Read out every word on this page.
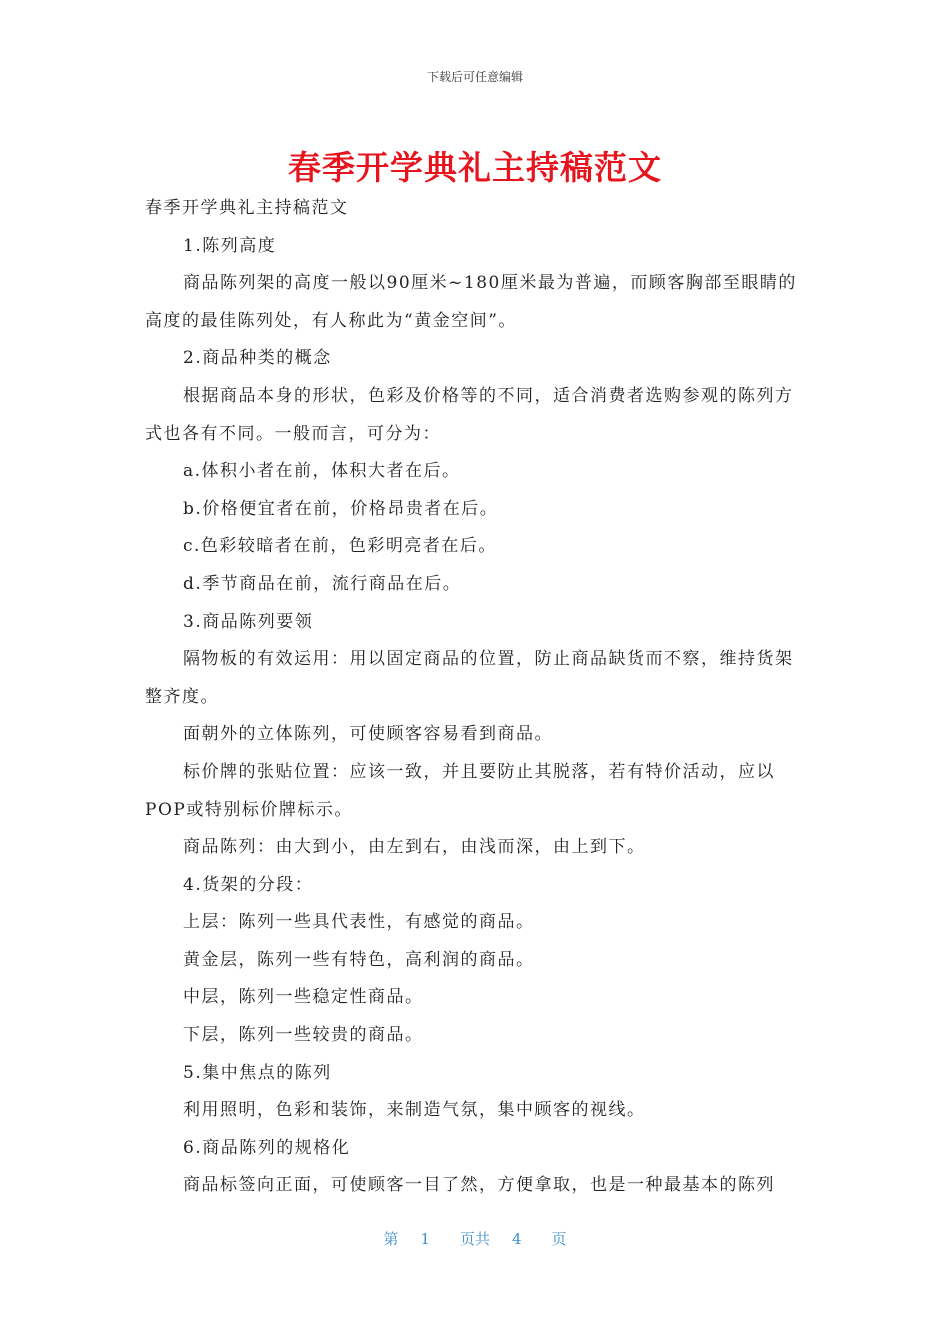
下载后可任意编辑
春季开学典礼主持稿范文

春季开学典礼主持稿范文

1.陈列高度

商品陈列架的高度一般以90厘米~180厘米最为普遍，而顾客胸部至眼睛的高度的最佳陈列处，有人称此为“黄金空间”。

2.商品种类的概念

根据商品本身的形状，色彩及价格等的不同，适合消费者选购参观的陈列方式也各有不同。一般而言，可分为：

a.体积小者在前，体积大者在后。

b.价格便宜者在前，价格昂贵者在后。

c.色彩较暗者在前，色彩明亮者在后。

d.季节商品在前，流行商品在后。

3.商品陈列要领

隔物板的有效运用：用以固定商品的位置，防止商品缺货而不察，维持货架整齐度。

面朝外的立体陈列，可使顾客容易看到商品。

标价牌的张贴位置：应该一致，并且要防止其脱落，若有特价活动，应以POP或特别标价牌标示。

商品陈列：由大到小，由左到右，由浅而深，由上到下。

4.货架的分段：

上层：陈列一些具代表性，有感觉的商品。

黄金层，陈列一些有特色，高利润的商品。

中层，陈列一些稳定性商品。

下层，陈列一些较贵的商品。

5.集中焦点的陈列

利用照明，色彩和装饰，来制造气氛，集中顾客的视线。

6.商品陈列的规格化

商品标签向正面，可使顾客一目了然，方便拿取，也是一种最基本的陈列

第 1 页共 4 页
